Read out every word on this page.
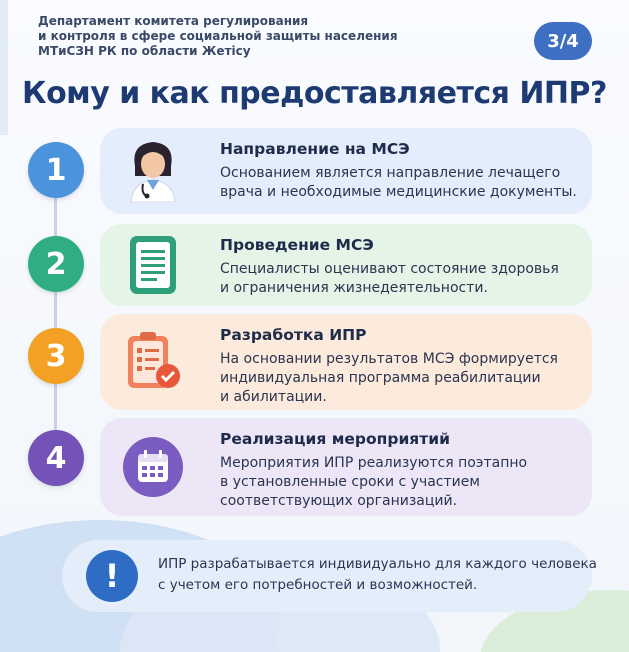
Департамент комитета регулирования
и контроля в сфере социальной защиты населения
МТиСЗН РК по области Жетісу	3/4
Кому и как предоставляется ИПР?
1
Направление на МСЭ
Основанием является направление лечащего
врача и необходимые медицинские документы.
2
Проведение МСЭ
Специалисты оценивают состояние здоровья
и ограничения жизнедеятельности.
3
Разработка ИПР
На основании результатов МСЭ формируется
индивидуальная программа реабилитации
и абилитации.
4
Реализация мероприятий
Мероприятия ИПР реализуются поэтапно
в установленные сроки с участием
соответствующих организаций.
!	ИПР разрабатывается индивидуально для каждого человека
с учетом его потребностей и возможностей.
